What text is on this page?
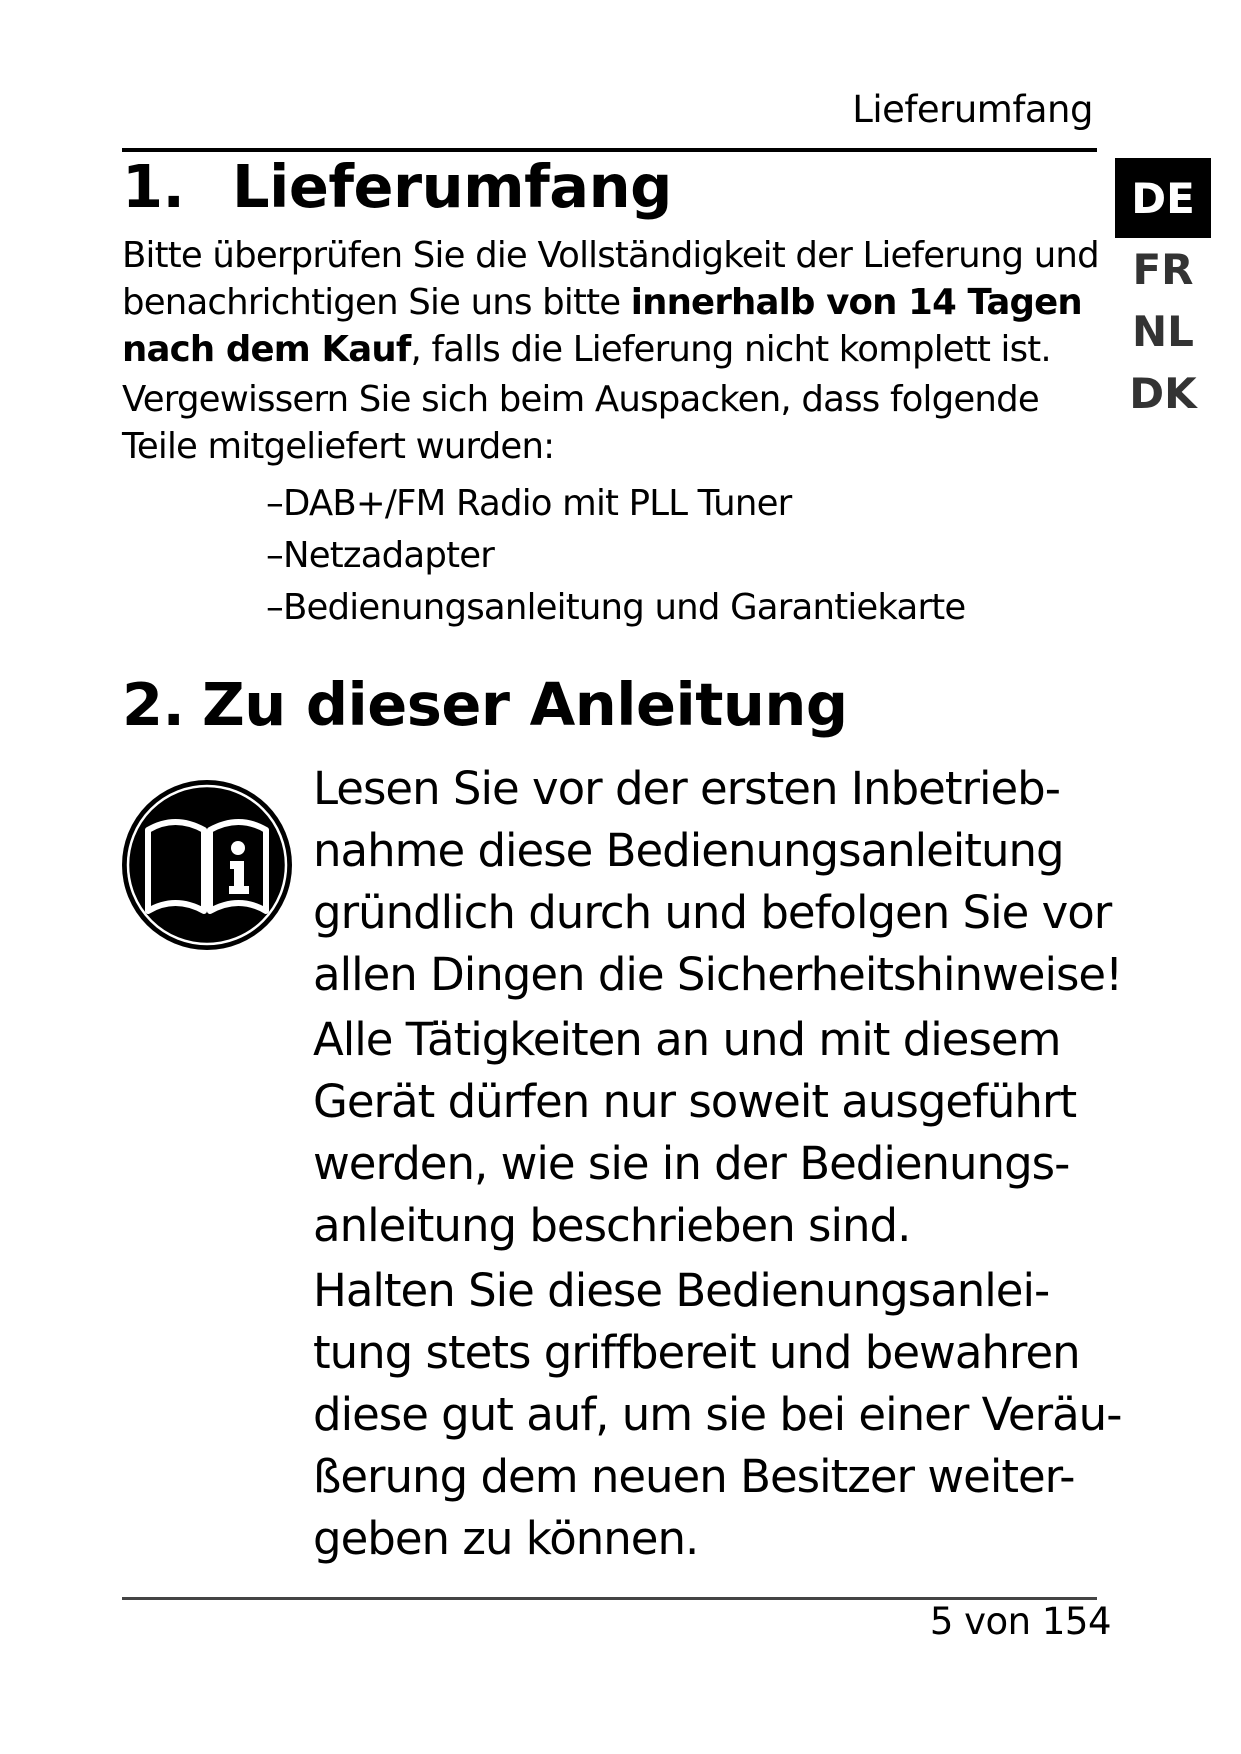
Lieferumfang
DE
FR
NL
DK
1. Lieferumfang

Bitte überprüfen Sie die Vollständigkeit der Lieferung und benachrichtigen Sie uns bitte innerhalb von 14 Tagen nach dem Kauf, falls die Lieferung nicht komplett ist.

Vergewissern Sie sich beim Auspacken, dass folgende Teile mitgeliefert wurden:

–DAB+/FM Radio mit PLL Tuner
–Netzadapter
–Bedienungsanleitung und Garantiekarte
2. Zu dieser Anleitung

Lesen Sie vor der ersten Inbetrieb-
nahme diese Bedienungsanleitung
gründlich durch und befolgen Sie vor
allen Dingen die Sicherheitshinweise!

Alle Tätigkeiten an und mit diesem
Gerät dürfen nur soweit ausgeführt
werden, wie sie in der Bedienungs-
anleitung beschrieben sind.

Halten Sie diese Bedienungsanlei-
tung stets griffbereit und bewahren
diese gut auf, um sie bei einer Veräu-
ßerung dem neuen Besitzer weiter-
geben zu können.

5 von 154
